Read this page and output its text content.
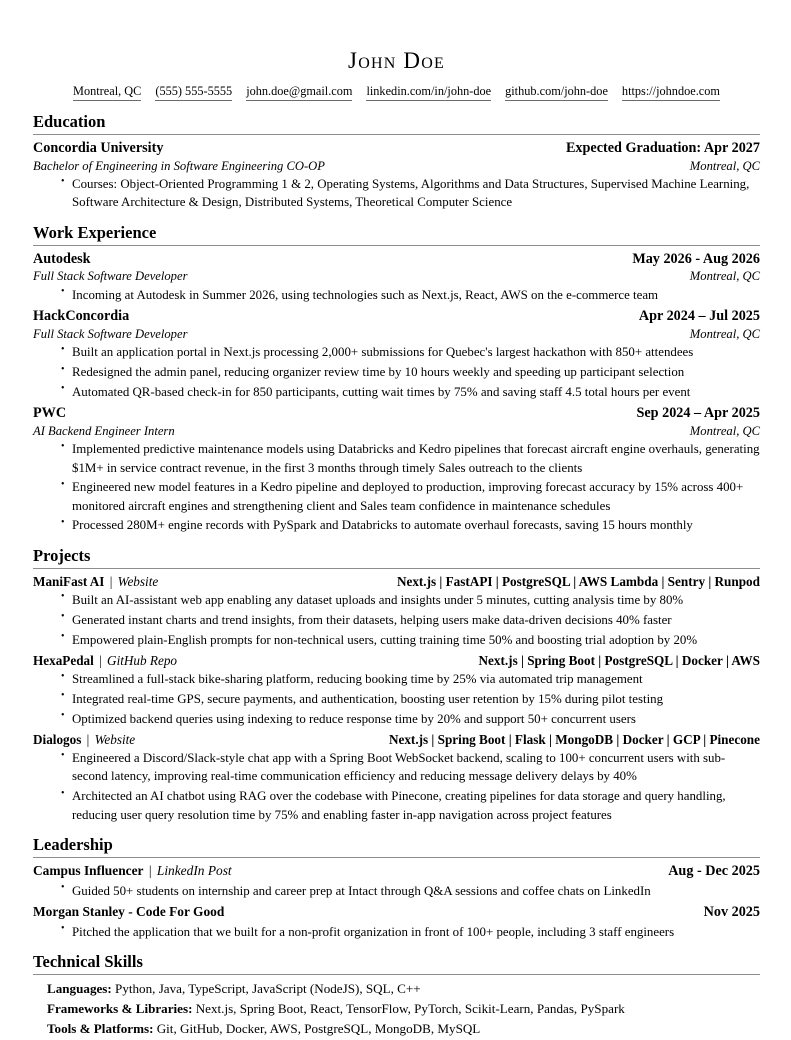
John Doe
Montreal, QC (555) 555-5555 john.doe@gmail.com linkedin.com/in/john-doe github.com/john-doe https://johndoe.com
Education
Concordia University	Expected Graduation: Apr 2027
Bachelor of Engineering in Software Engineering CO-OP	Montreal, QC
• Courses: Object-Oriented Programming 1 & 2, Operating Systems, Algorithms and Data Structures, Supervised Machine Learning, Software Architecture & Design, Distributed Systems, Theoretical Computer Science
Work Experience
Autodesk	May 2026 - Aug 2026
Full Stack Software Developer	Montreal, QC
• Incoming at Autodesk in Summer 2026, using technologies such as Next.js, React, AWS on the e-commerce team
HackConcordia	Apr 2024 – Jul 2025
Full Stack Software Developer	Montreal, QC
• Built an application portal in Next.js processing 2,000+ submissions for Quebec's largest hackathon with 850+ attendees
• Redesigned the admin panel, reducing organizer review time by 10 hours weekly and speeding up participant selection
• Automated QR-based check-in for 850 participants, cutting wait times by 75% and saving staff 4.5 total hours per event
PWC	Sep 2024 – Apr 2025
AI Backend Engineer Intern	Montreal, QC
• Implemented predictive maintenance models using Databricks and Kedro pipelines that forecast aircraft engine overhauls, generating $1M+ in service contract revenue, in the first 3 months through timely Sales outreach to the clients
• Engineered new model features in a Kedro pipeline and deployed to production, improving forecast accuracy by 15% across 400+ monitored aircraft engines and strengthening client and Sales team confidence in maintenance schedules
• Processed 280M+ engine records with PySpark and Databricks to automate overhaul forecasts, saving 15 hours monthly
Projects
ManiFast AI | Website	Next.js | FastAPI | PostgreSQL | AWS Lambda | Sentry | Runpod
• Built an AI-assistant web app enabling any dataset uploads and insights under 5 minutes, cutting analysis time by 80%
• Generated instant charts and trend insights, from their datasets, helping users make data-driven decisions 40% faster
• Empowered plain-English prompts for non-technical users, cutting training time 50% and boosting trial adoption by 20%
HexaPedal | GitHub Repo	Next.js | Spring Boot | PostgreSQL | Docker | AWS
• Streamlined a full-stack bike-sharing platform, reducing booking time by 25% via automated trip management
• Integrated real-time GPS, secure payments, and authentication, boosting user retention by 15% during pilot testing
• Optimized backend queries using indexing to reduce response time by 20% and support 50+ concurrent users
Dialogos | Website	Next.js | Spring Boot | Flask | MongoDB | Docker | GCP | Pinecone
• Engineered a Discord/Slack-style chat app with a Spring Boot WebSocket backend, scaling to 100+ concurrent users with sub-second latency, improving real-time communication efficiency and reducing message delivery delays by 40%
• Architected an AI chatbot using RAG over the codebase with Pinecone, creating pipelines for data storage and query handling, reducing user query resolution time by 75% and enabling faster in-app navigation across project features
Leadership
Campus Influencer | LinkedIn Post	Aug - Dec 2025
• Guided 50+ students on internship and career prep at Intact through Q&A sessions and coffee chats on LinkedIn
Morgan Stanley - Code For Good	Nov 2025
• Pitched the application that we built for a non-profit organization in front of 100+ people, including 3 staff engineers
Technical Skills
Languages: Python, Java, TypeScript, JavaScript (NodeJS), SQL, C++
Frameworks & Libraries: Next.js, Spring Boot, React, TensorFlow, PyTorch, Scikit-Learn, Pandas, PySpark
Tools & Platforms: Git, GitHub, Docker, AWS, PostgreSQL, MongoDB, MySQL
